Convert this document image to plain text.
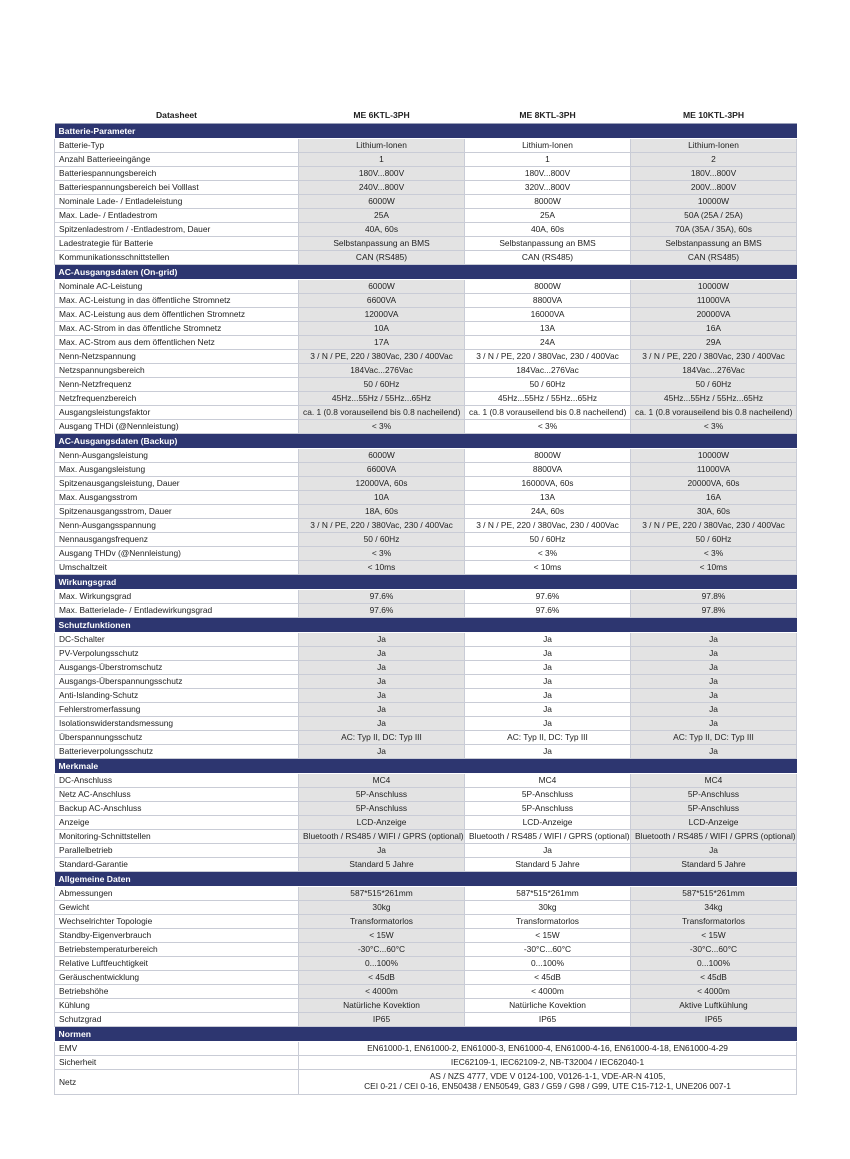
Datasheet	ME 6KTL-3PH	ME 8KTL-3PH	ME 10KTL-3PH
Batterie-Parameter			
Batterie-Typ	Lithium-Ionen	Lithium-Ionen	Lithium-Ionen
Anzahl Batterieeingänge	1	1	2
Batteriespannungsbereich	180V...800V	180V...800V	180V...800V
Batteriespannungsbereich bei Volllast	240V...800V	320V...800V	200V...800V
Nominale Lade- / Entladeleistung	6000W	8000W	10000W
Max. Lade- / Entladestrom	25A	25A	50A (25A / 25A)
Spitzenladestrom / -Entladestrom, Dauer	40A, 60s	40A, 60s	70A (35A / 35A), 60s
Ladestrategie für Batterie	Selbstanpassung an BMS	Selbstanpassung an BMS	Selbstanpassung an BMS
Kommunikationsschnittstellen	CAN (RS485)	CAN (RS485)	CAN (RS485)
AC-Ausgangsdaten (On-grid)			
Nominale AC-Leistung	6000W	8000W	10000W
Max. AC-Leistung in das öffentliche Stromnetz	6600VA	8800VA	11000VA
Max. AC-Leistung aus dem öffentlichen Stromnetz	12000VA	16000VA	20000VA
Max. AC-Strom in das öffentliche Stromnetz	10A	13A	16A
Max. AC-Strom aus dem öffentlichen Netz	17A	24A	29A
Nenn-Netzspannung	3 / N / PE, 220 / 380Vac, 230 / 400Vac	3 / N / PE, 220 / 380Vac, 230 / 400Vac	3 / N / PE, 220 / 380Vac, 230 / 400Vac
Netzspannungsbereich	184Vac...276Vac	184Vac...276Vac	184Vac...276Vac
Nenn-Netzfrequenz	50 / 60Hz	50 / 60Hz	50 / 60Hz
Netzfrequenzbereich	45Hz...55Hz / 55Hz...65Hz	45Hz...55Hz / 55Hz...65Hz	45Hz...55Hz / 55Hz...65Hz
Ausgangsleistungsfaktor	ca. 1 (0.8 vorauseilend bis 0.8 nacheilend)	ca. 1 (0.8 vorauseilend bis 0.8 nacheilend)	ca. 1 (0.8 vorauseilend bis 0.8 nacheilend)
Ausgang THDi (@Nennleistung)	< 3%	< 3%	< 3%
AC-Ausgangsdaten (Backup)			
Nenn-Ausgangsleistung	6000W	8000W	10000W
Max. Ausgangsleistung	6600VA	8800VA	11000VA
Spitzenausgangsleistung, Dauer	12000VA, 60s	16000VA, 60s	20000VA, 60s
Max. Ausgangsstrom	10A	13A	16A
Spitzenausgangsstrom, Dauer	18A, 60s	24A, 60s	30A, 60s
Nenn-Ausgangsspannung	3 / N / PE, 220 / 380Vac, 230 / 400Vac	3 / N / PE, 220 / 380Vac, 230 / 400Vac	3 / N / PE, 220 / 380Vac, 230 / 400Vac
Nennausgangsfrequenz	50 / 60Hz	50 / 60Hz	50 / 60Hz
Ausgang THDv (@Nennleistung)	< 3%	< 3%	< 3%
Umschaltzeit	< 10ms	< 10ms	< 10ms
Wirkungsgrad			
Max. Wirkungsgrad	97.6%	97.6%	97.8%
Max. Batterielade- / Entladewirkungsgrad	97.6%	97.6%	97.8%
Schutzfunktionen			
DC-Schalter	Ja	Ja	Ja
PV-Verpolungsschutz	Ja	Ja	Ja
Ausgangs-Überstromschutz	Ja	Ja	Ja
Ausgangs-Überspannungsschutz	Ja	Ja	Ja
Anti-Islanding-Schutz	Ja	Ja	Ja
Fehlerstromerfassung	Ja	Ja	Ja
Isolationswiderstandsmessung	Ja	Ja	Ja
Überspannungsschutz	AC: Typ II, DC: Typ III	AC: Typ II, DC: Typ III	AC: Typ II, DC: Typ III
Batterieverpolungsschutz	Ja	Ja	Ja
Merkmale			
DC-Anschluss	MC4	MC4	MC4
Netz AC-Anschluss	5P-Anschluss	5P-Anschluss	5P-Anschluss
Backup AC-Anschluss	5P-Anschluss	5P-Anschluss	5P-Anschluss
Anzeige	LCD-Anzeige	LCD-Anzeige	LCD-Anzeige
Monitoring-Schnittstellen	Bluetooth / RS485 / WIFI / GPRS (optional)	Bluetooth / RS485 / WIFI / GPRS (optional)	Bluetooth / RS485 / WIFI / GPRS (optional)
Parallelbetrieb	Ja	Ja	Ja
Standard-Garantie	Standard 5 Jahre	Standard 5 Jahre	Standard 5 Jahre
Allgemeine Daten			
Abmessungen	587*515*261mm	587*515*261mm	587*515*261mm
Gewicht	30kg	30kg	34kg
Wechselrichter Topologie	Transformatorlos	Transformatorlos	Transformatorlos
Standby-Eigenverbrauch	< 15W	< 15W	< 15W
Betriebstemperaturbereich	-30°C...60°C	-30°C...60°C	-30°C...60°C
Relative Luftfeuchtigkeit	0...100%	0...100%	0...100%
Geräuschentwicklung	< 45dB	< 45dB	< 45dB
Betriebshöhe	< 4000m	< 4000m	< 4000m
Kühlung	Natürliche Kovektion	Natürliche Kovektion	Aktive Luftkühlung
Schutzgrad	IP65	IP65	IP65
Normen			
EMV	EN61000-1, EN61000-2, EN61000-3, EN61000-4, EN61000-4-16, EN61000-4-18, EN61000-4-29		
Sicherheit	IEC62109-1, IEC62109-2, NB-T32004 / IEC62040-1		
Netz	AS / NZS 4777, VDE V 0124-100, V0126-1-1, VDE-AR-N 4105,
CEI 0-21 / CEI 0-16, EN50438 / EN50549, G83 / G59 / G98 / G99, UTE C15-712-1, UNE206 007-1		
